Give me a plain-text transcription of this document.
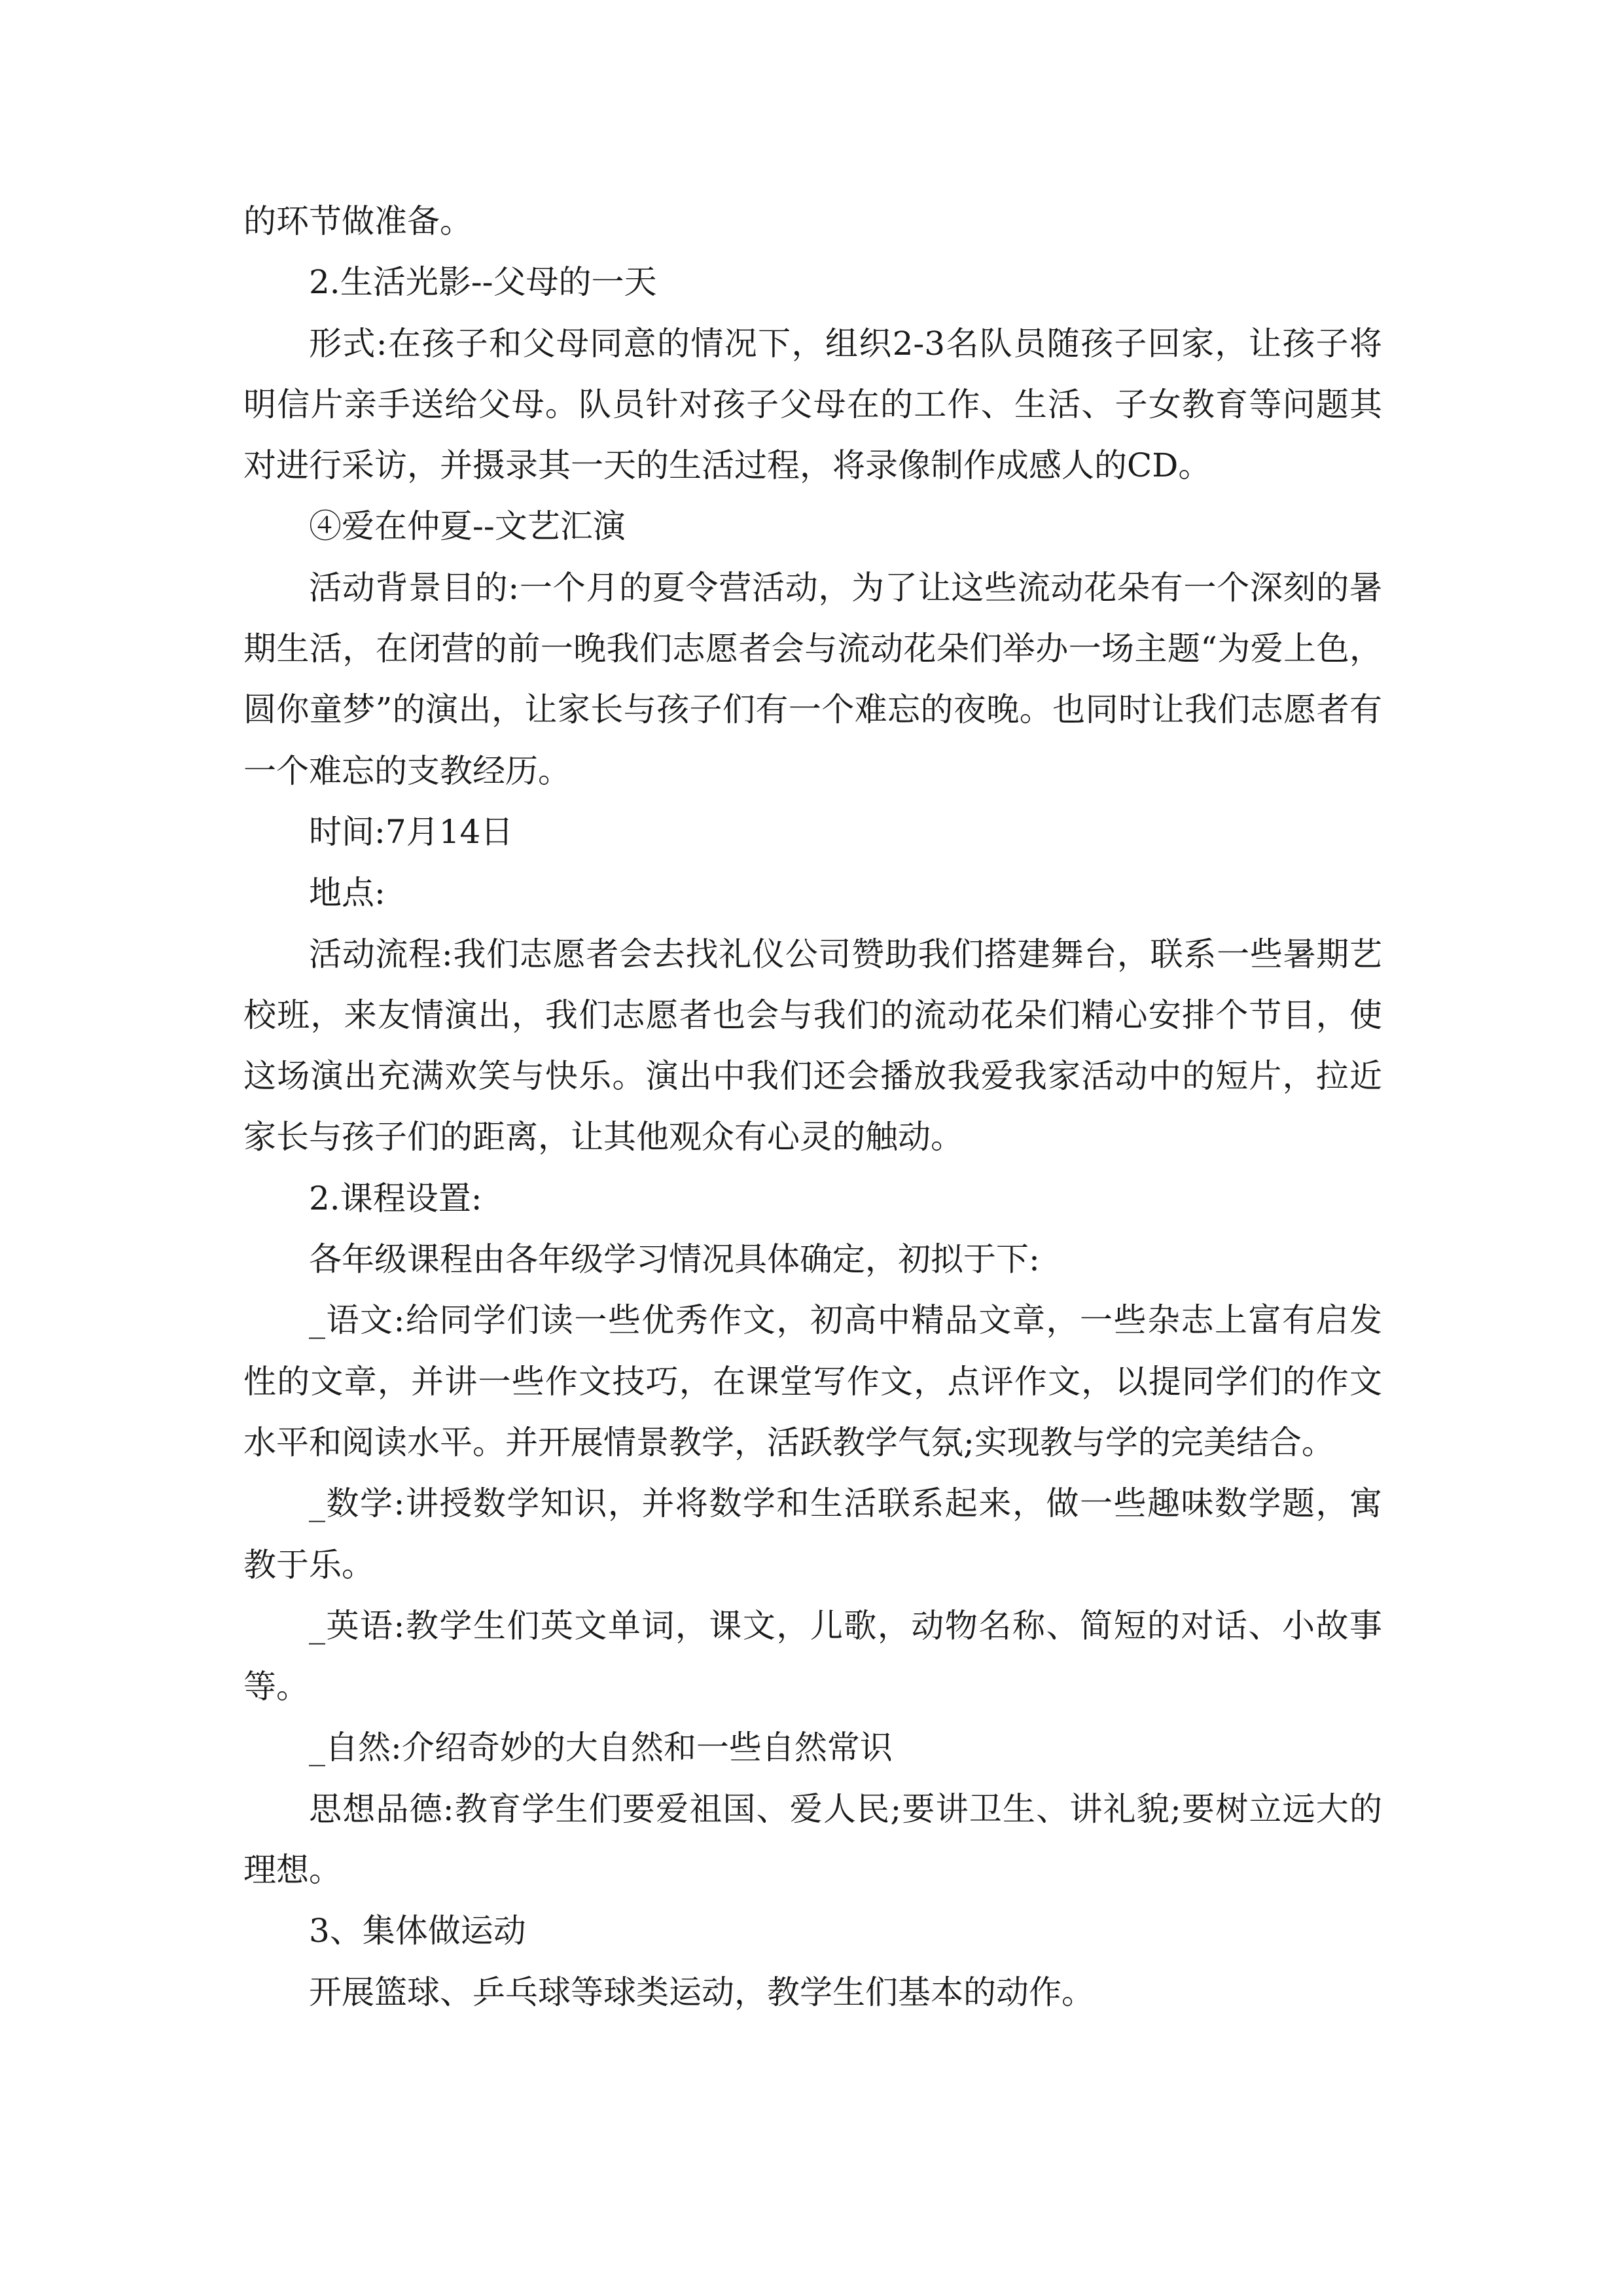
的环节做准备。

2.生活光影--父母的一天

形式:在孩子和父母同意的情况下，组织2-3名队员随孩子回家，让孩子将明信片亲手送给父母。队员针对孩子父母在的工作、生活、子女教育等问题其对进行采访，并摄录其一天的生活过程，将录像制作成感人的CD。

④爱在仲夏--文艺汇演

活动背景目的:一个月的夏令营活动，为了让这些流动花朵有一个深刻的暑期生活，在闭营的前一晚我们志愿者会与流动花朵们举办一场主题“为爱上色，圆你童梦”的演出，让家长与孩子们有一个难忘的夜晚。也同时让我们志愿者有一个难忘的支教经历。

时间:7月14日

地点:

活动流程:我们志愿者会去找礼仪公司赞助我们搭建舞台，联系一些暑期艺校班，来友情演出，我们志愿者也会与我们的流动花朵们精心安排个节目，使这场演出充满欢笑与快乐。演出中我们还会播放我爱我家活动中的短片，拉近家长与孩子们的距离，让其他观众有心灵的触动。

2.课程设置:

各年级课程由各年级学习情况具体确定，初拟于下:

_语文:给同学们读一些优秀作文，初高中精品文章，一些杂志上富有启发性的文章，并讲一些作文技巧，在课堂写作文，点评作文，以提同学们的作文水平和阅读水平。并开展情景教学，活跃教学气氛;实现教与学的完美结合。

_数学:讲授数学知识，并将数学和生活联系起来，做一些趣味数学题，寓教于乐。

_英语:教学生们英文单词，课文，儿歌，动物名称、简短的对话、小故事等。

_自然:介绍奇妙的大自然和一些自然常识

思想品德:教育学生们要爱祖国、爱人民;要讲卫生、讲礼貌;要树立远大的理想。

3、集体做运动

开展篮球、乒乓球等球类运动，教学生们基本的动作。
